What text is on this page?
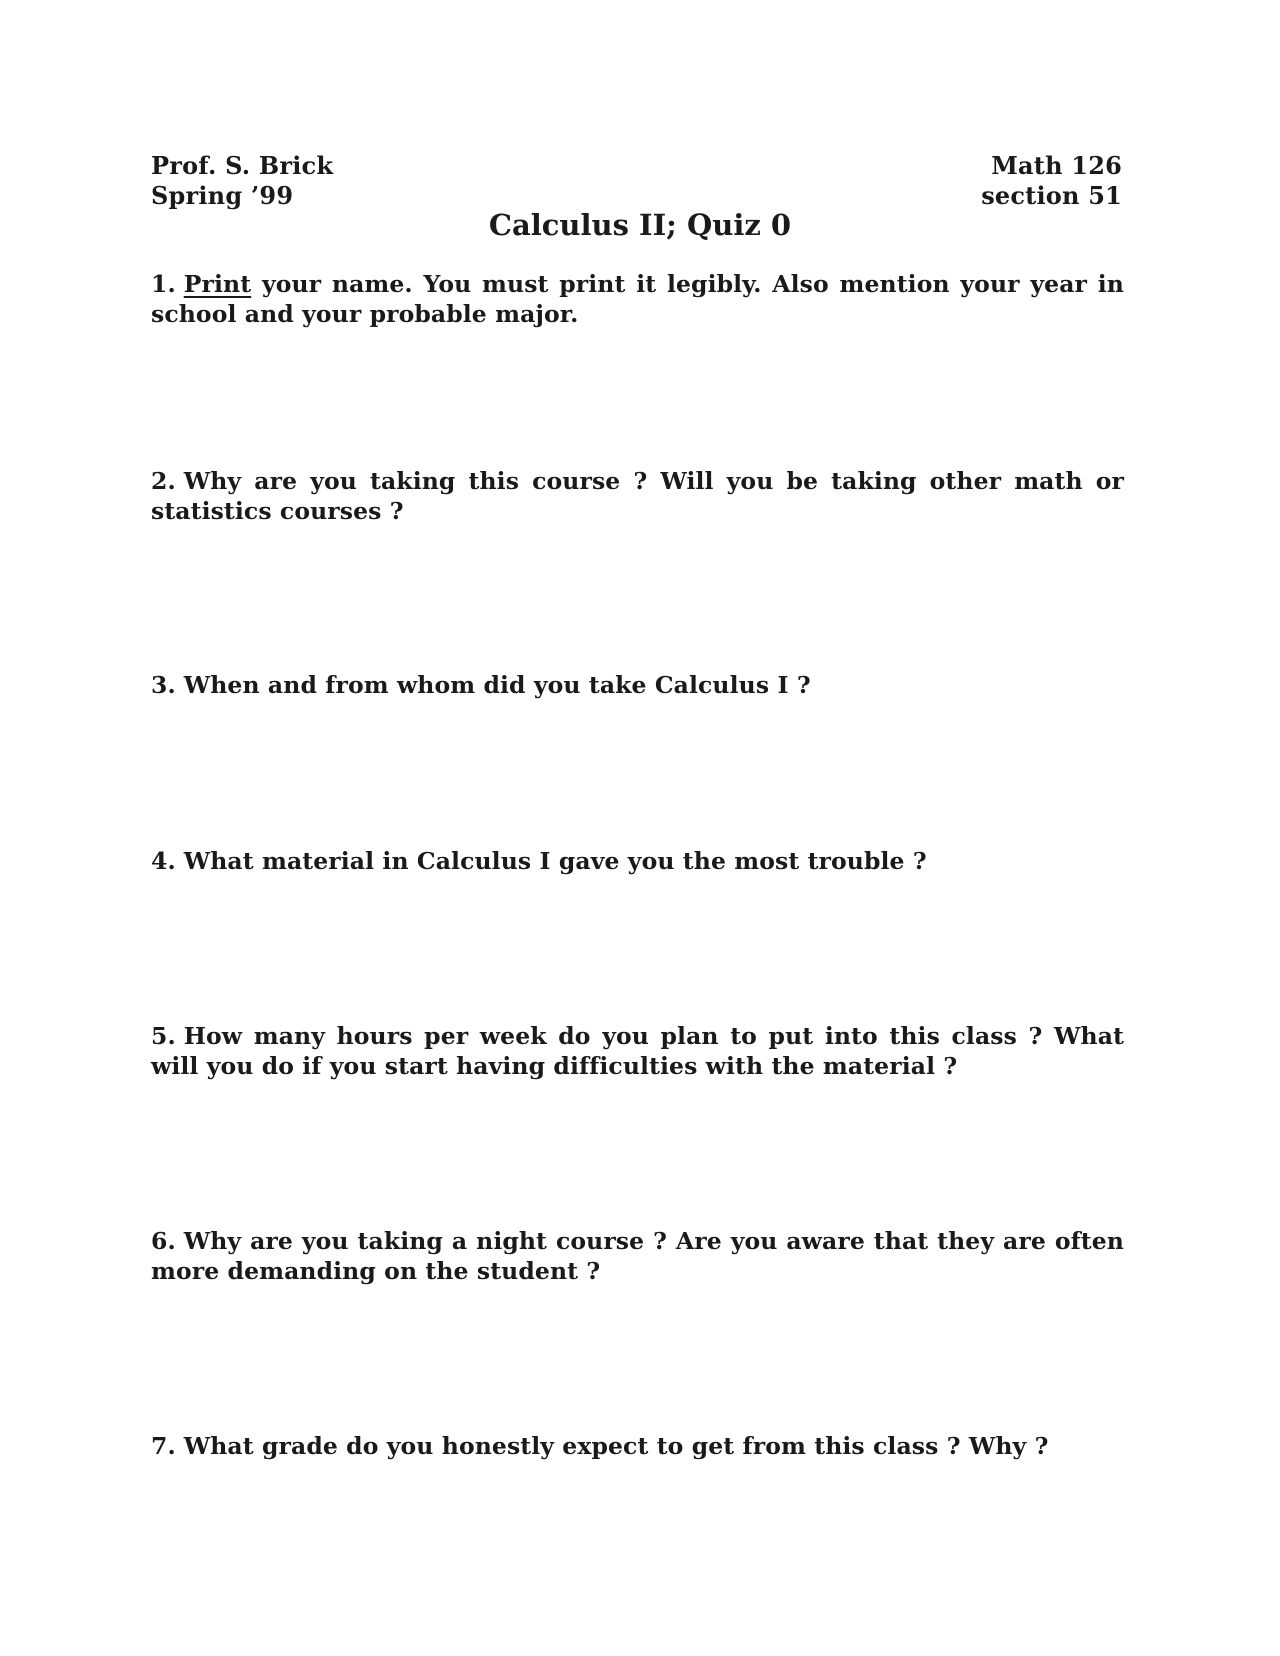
Prof. S. Brick
Spring ’99
Math 126
section 51
Calculus II; Quiz 0
1. Print your name. You must print it legibly. Also mention your year in school and your probable major.
2. Why are you taking this course ? Will you be taking other math or statistics courses ?
3. When and from whom did you take Calculus I ?
4. What material in Calculus I gave you the most trouble ?
5. How many hours per week do you plan to put into this class ? What will you do if you start having difficulties with the material ?
6. Why are you taking a night course ? Are you aware that they are often more demanding on the student ?
7. What grade do you honestly expect to get from this class ? Why ?
